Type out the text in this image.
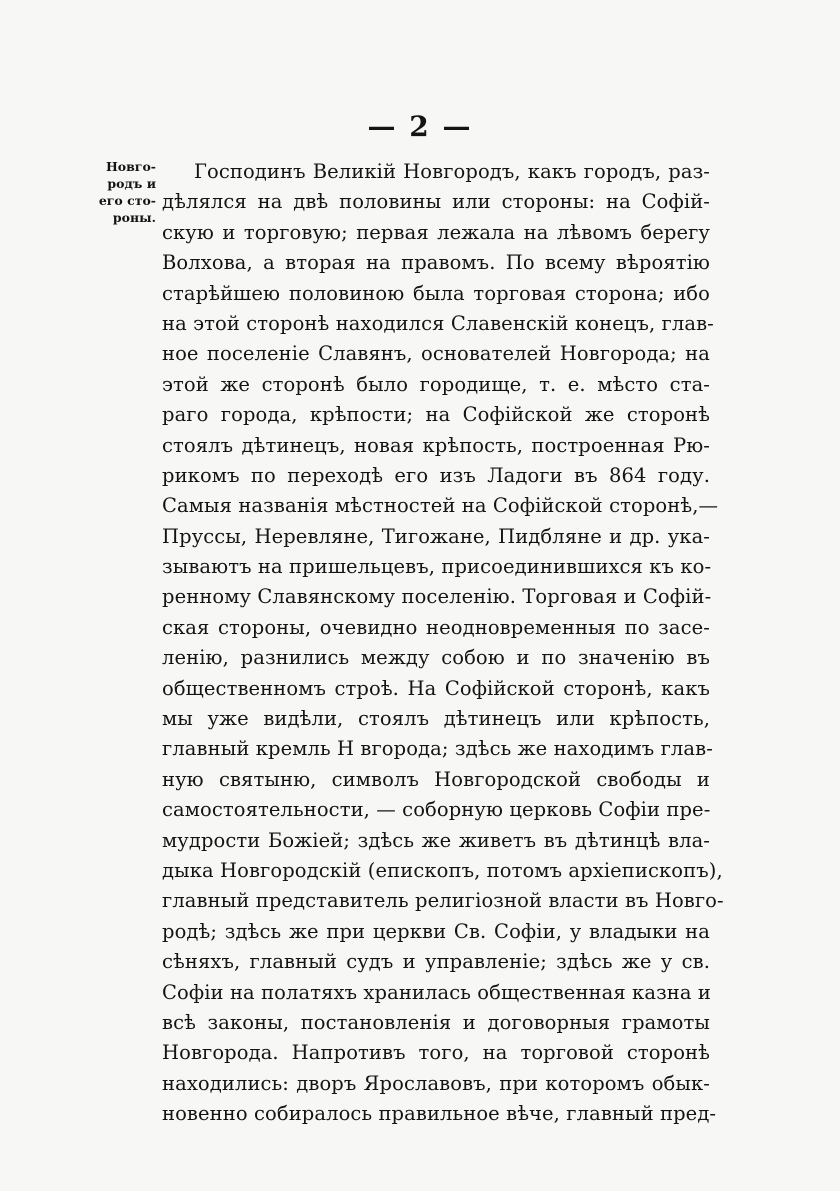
— 2 —
Новго-
родъ и
его сто-
роны.
Господинъ Великій Новгородъ, какъ городъ, раз-
дѣлялся на двѣ половины или стороны: на Софій-
скую и торговую; первая лежала на лѣвомъ берегу
Волхова, а вторая на правомъ. По всему вѣроятію
старѣйшею половиною была торговая сторона; ибо
на этой сторонѣ находился Славенскій конецъ, глав-
ное поселеніе Славянъ, основателей Новгорода; на
этой же сторонѣ было городище, т. е. мѣсто ста-
раго города, крѣпости; на Софійской же сторонѣ
стоялъ дѣтинецъ, новая крѣпость, построенная Рю-
рикомъ по переходѣ его изъ Ладоги въ 864 году.
Самыя названія мѣстностей на Софійской сторонѣ,—
Пруссы, Неревляне, Тигожане, Пидбляне и др. ука-
зываютъ на пришельцевъ, присоединившихся къ ко-
ренному Славянскому поселенію. Торговая и Софій-
ская стороны, очевидно неодновременныя по засе-
ленію, разнились между собою и по значенію въ
общественномъ строѣ. На Софійской сторонѣ, какъ
мы уже видѣли, стоялъ дѣтинецъ или крѣпость,
главный кремль Н вгорода; здѣсь же находимъ глав-
ную святыню, символъ Новгородской свободы и
самостоятельности, — соборную церковь Софіи пре-
мудрости Божіей; здѣсь же живетъ въ дѣтинцѣ вла-
дыка Новгородскій (епископъ, потомъ архіепископъ),
главный представитель религіозной власти въ Новго-
родѣ; здѣсь же при церкви Св. Софіи, у владыки на
сѣняхъ, главный судъ и управленіе; здѣсь же у св.
Софіи на полатяхъ хранилась общественная казна и
всѣ законы, постановленія и договорныя грамоты
Новгорода. Напротивъ того, на торговой сторонѣ
находились: дворъ Ярославовъ, при которомъ обык-
новенно собиралось правильное вѣче, главный пред-
